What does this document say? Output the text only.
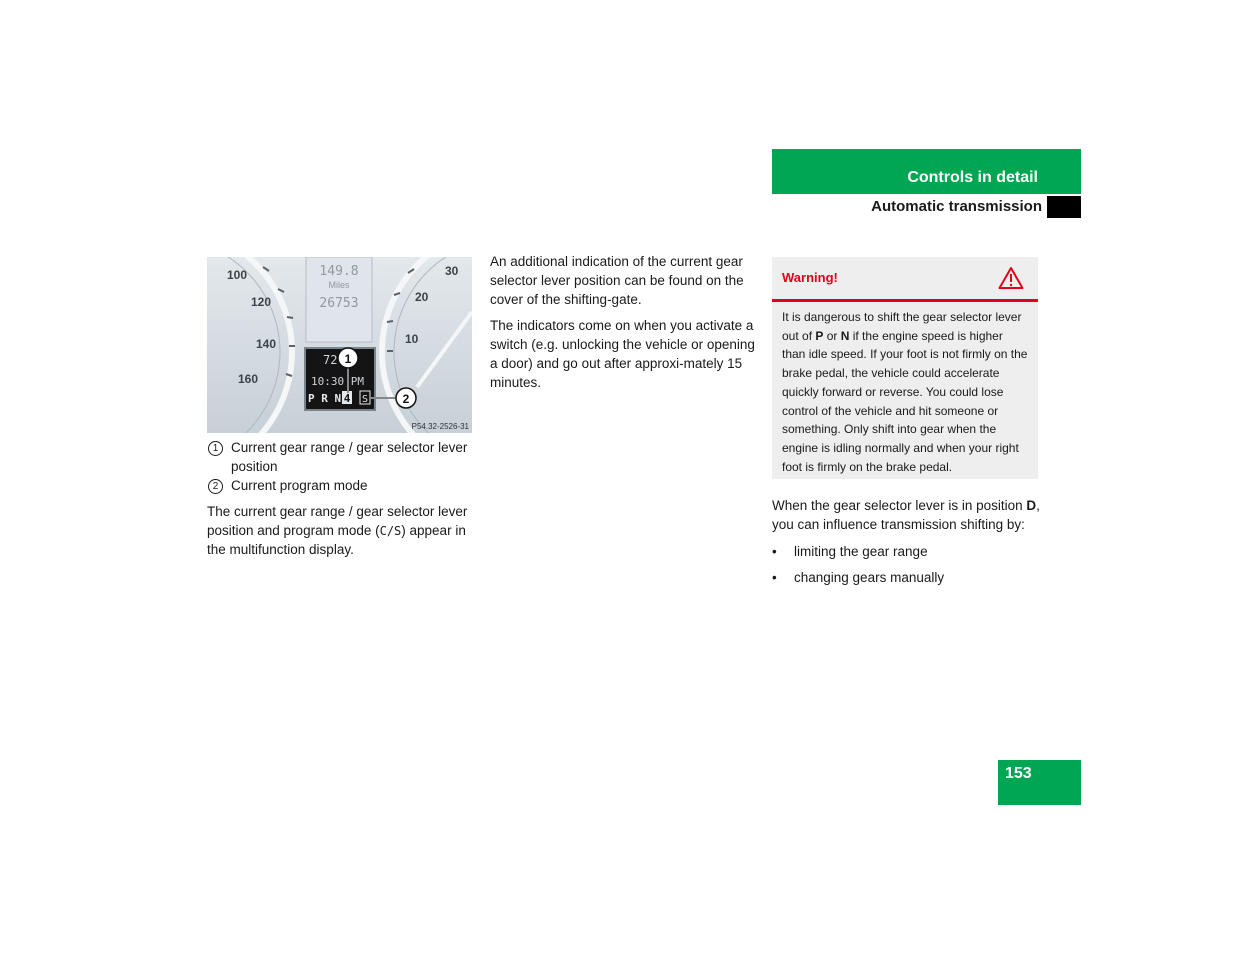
Controls in detail
Automatic transmission
100
120
140
160
30
20
10
149.8
Miles
26753
72
10:30 PM
P R N 4 S
1
2
P54.32-2526-31
1 Current gear range / gear selector lever position
2 Current program mode

The current gear range / gear selector lever position and program mode (C/S) appear in the multifunction display.

An additional indication of the current gear selector lever position can be found on the cover of the shifting-gate.

The indicators come on when you activate a switch (e.g. unlocking the vehicle or opening a door) and go out after approxi-mately 15 minutes.

Warning!
It is dangerous to shift the gear selector lever out of P or N if the engine speed is higher than idle speed. If your foot is not firmly on the brake pedal, the vehicle could accelerate quickly forward or reverse. You could lose control of the vehicle and hit someone or something. Only shift into gear when the engine is idling normally and when your right foot is firmly on the brake pedal.

When the gear selector lever is in position D, you can influence transmission shifting by:

• limiting the gear range
• changing gears manually
153
